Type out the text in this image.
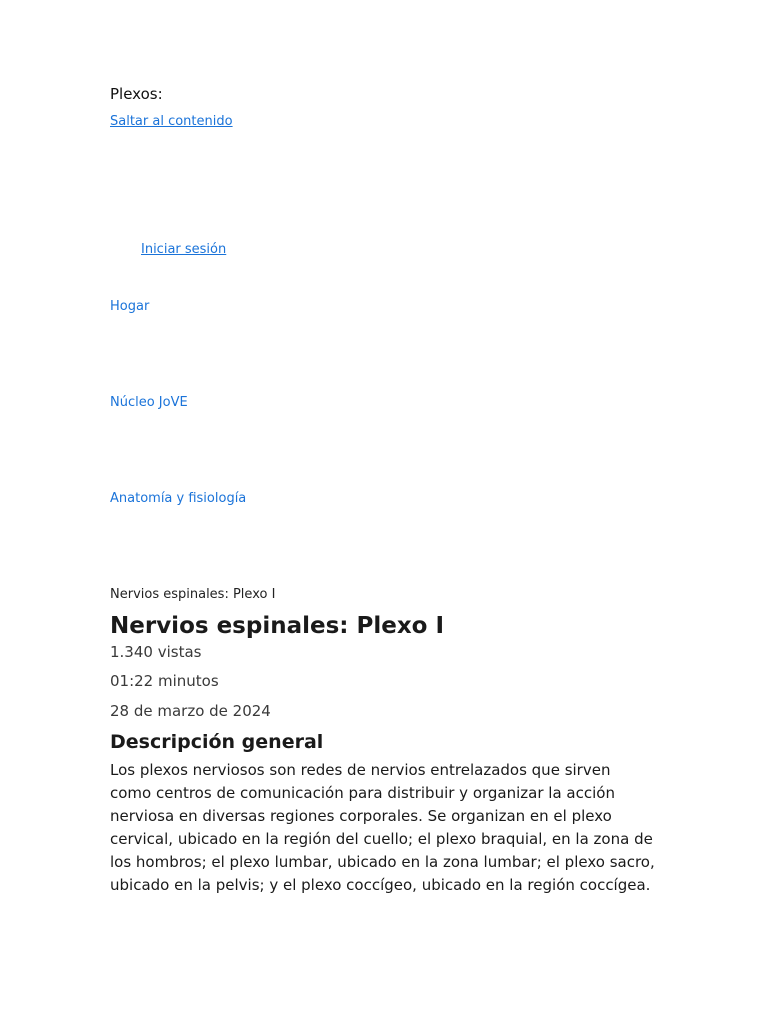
Plexos:
Saltar al contenido
Iniciar sesión
Hogar
Núcleo JoVE
Anatomía y fisiología
Nervios espinales: Plexo I
Nervios espinales: Plexo I
1.340 vistas
01:22 minutos
28 de marzo de 2024
Descripción general

Los plexos nerviosos son redes de nervios entrelazados que sirven como centros de comunicación para distribuir y organizar la acción nerviosa en diversas regiones corporales. Se organizan en el plexo cervical, ubicado en la región del cuello; el plexo braquial, en la zona de los hombros; el plexo lumbar, ubicado en la zona lumbar; el plexo sacro, ubicado en la pelvis; y el plexo coccígeo, ubicado en la región coccígea.
